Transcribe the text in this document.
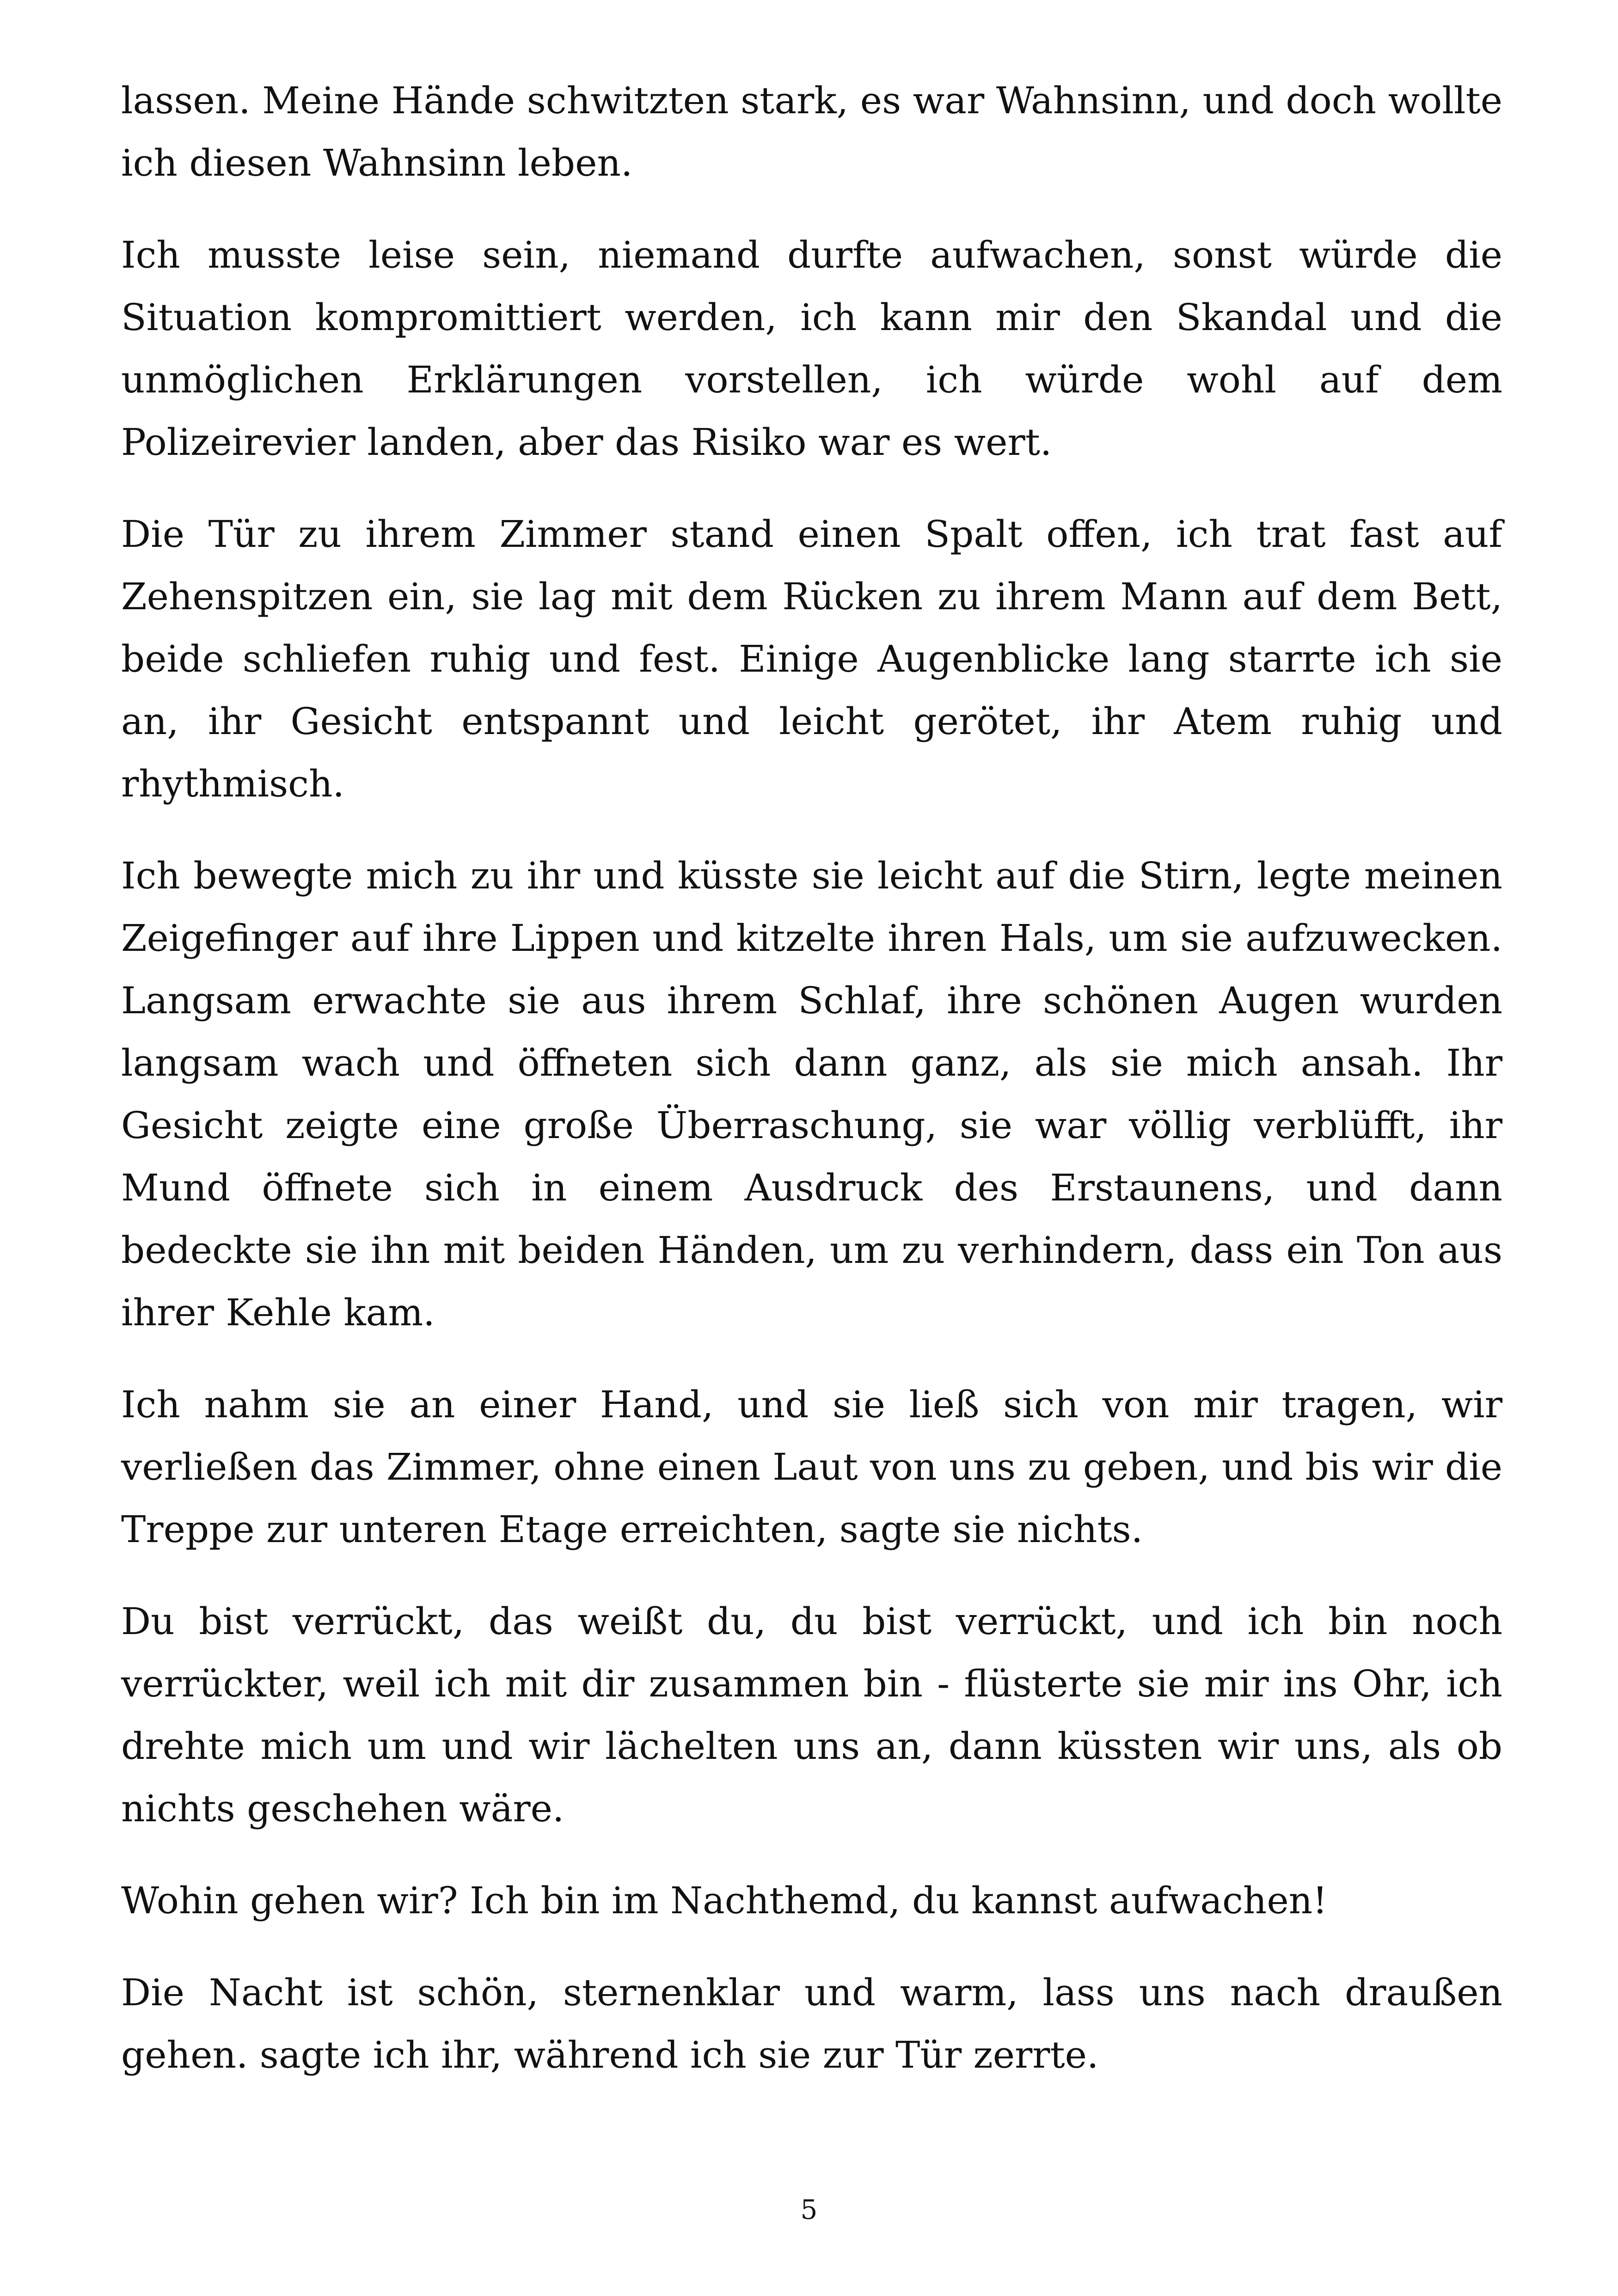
lassen. Meine Hände schwitzten stark, es war Wahnsinn, und doch wollte ich diesen Wahnsinn leben.

Ich musste leise sein, niemand durfte aufwachen, sonst würde die Situation kompromittiert werden, ich kann mir den Skandal und die unmöglichen Erklärungen vorstellen, ich würde wohl auf dem Polizeirevier landen, aber das Risiko war es wert.

Die Tür zu ihrem Zimmer stand einen Spalt offen, ich trat fast auf Zehenspitzen ein, sie lag mit dem Rücken zu ihrem Mann auf dem Bett, beide schliefen ruhig und fest. Einige Augenblicke lang starrte ich sie an, ihr Gesicht entspannt und leicht gerötet, ihr Atem ruhig und rhythmisch.

Ich bewegte mich zu ihr und küsste sie leicht auf die Stirn, legte meinen Zeigefinger auf ihre Lippen und kitzelte ihren Hals, um sie aufzuwecken. Langsam erwachte sie aus ihrem Schlaf, ihre schönen Augen wurden langsam wach und öffneten sich dann ganz, als sie mich ansah. Ihr Gesicht zeigte eine große Überraschung, sie war völlig verblüfft, ihr Mund öffnete sich in einem Ausdruck des Erstaunens, und dann bedeckte sie ihn mit beiden Händen, um zu verhindern, dass ein Ton aus ihrer Kehle kam.

Ich nahm sie an einer Hand, und sie ließ sich von mir tragen, wir verließen das Zimmer, ohne einen Laut von uns zu geben, und bis wir die Treppe zur unteren Etage erreichten, sagte sie nichts.

Du bist verrückt, das weißt du, du bist verrückt, und ich bin noch verrückter, weil ich mit dir zusammen bin - flüsterte sie mir ins Ohr, ich drehte mich um und wir lächelten uns an, dann küssten wir uns, als ob nichts geschehen wäre.

Wohin gehen wir? Ich bin im Nachthemd, du kannst aufwachen!

Die Nacht ist schön, sternenklar und warm, lass uns nach draußen gehen. sagte ich ihr, während ich sie zur Tür zerrte.

5
